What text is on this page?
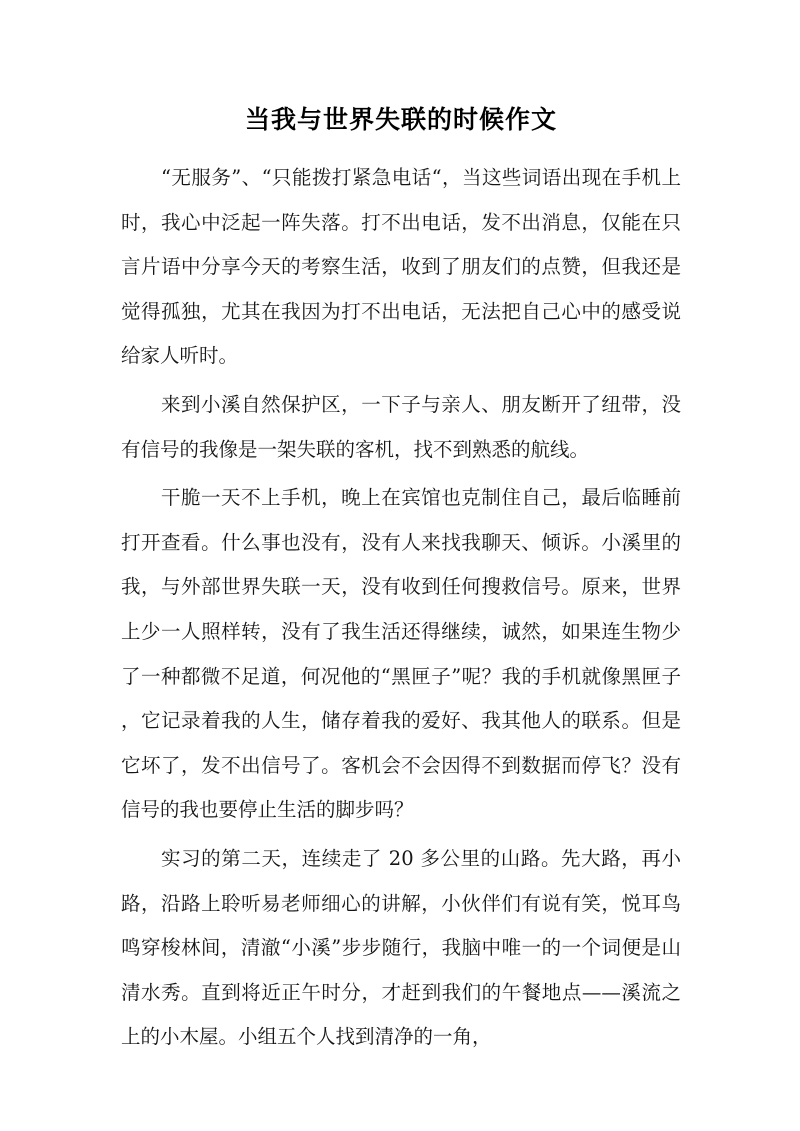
当我与世界失联的时候作文

“无服务”、“只能拨打紧急电话“，当这些词语出现在手机上时，我心中泛起一阵失落。打不出电话，发不出消息，仅能在只言片语中分享今天的考察生活，收到了朋友们的点赞，但我还是觉得孤独，尤其在我因为打不出电话，无法把自己心中的感受说给家人听时。

来到小溪自然保护区，一下子与亲人、朋友断开了纽带，没有信号的我像是一架失联的客机，找不到熟悉的航线。

干脆一天不上手机，晚上在宾馆也克制住自己，最后临睡前打开查看。什么事也没有，没有人来找我聊天、倾诉。小溪里的我，与外部世界失联一天，没有收到任何搜救信号。原来，世界上少一人照样转，没有了我生活还得继续，诚然，如果连生物少了一种都微不足道，何况他的“黑匣子”呢？我的手机就像黑匣子，它记录着我的人生，储存着我的爱好、我其他人的联系。但是它坏了，发不出信号了。客机会不会因得不到数据而停飞？没有信号的我也要停止生活的脚步吗？

实习的第二天，连续走了 20 多公里的山路。先大路，再小路，沿路上聆听易老师细心的讲解，小伙伴们有说有笑，悦耳鸟鸣穿梭林间，清澈“小溪”步步随行，我脑中唯一的一个词便是山清水秀。直到将近正午时分，才赶到我们的午餐地点——溪流之上的小木屋。小组五个人找到清净的一角，
